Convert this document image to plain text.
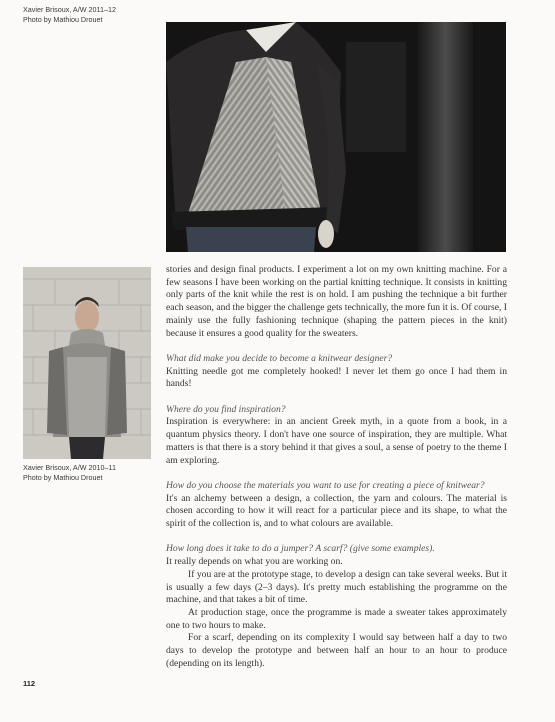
Xavier Brisoux, A/W 2011–12
Photo by Mathiou Drouet
Xavier Brisoux, A/W 2010–11
Photo by Mathiou Drouet

stories and design final products. I experiment a lot on my own knitting machine. For a few seasons I have been working on the partial knitting technique. It consists in knitting only parts of the knit while the rest is on hold. I am pushing the technique a bit further each season, and the bigger the challenge gets technically, the more fun it is. Of course, I mainly use the fully fashioning technique (shaping the pattern pieces in the knit) because it ensures a good quality for the sweaters.

What did make you decide to become a knitwear designer?

Knitting needle got me completely hooked! I never let them go once I had them in hands!

Where do you find inspiration?

Inspiration is everywhere: in an ancient Greek myth, in a quote from a book, in a quantum physics theory. I don't have one source of inspiration, they are multiple. What matters is that there is a story behind it that gives a soul, a sense of poetry to the theme I am exploring.

How do you choose the materials you want to use for creating a piece of knitwear?

It's an alchemy between a design, a collection, the yarn and colours. The material is chosen according to how it will react for a particular piece and its shape, to what the spirit of the collection is, and to what colours are available.

How long does it take to do a jumper? A scarf? (give some examples).

It really depends on what you are working on.

If you are at the prototype stage, to develop a design can take several weeks. But it is usually a few days (2–3 days). It's pretty much establishing the programme on the machine, and that takes a bit of time.

At production stage, once the programme is made a sweater takes approximately one to two hours to make.

For a scarf, depending on its complexity I would say between half a day to two days to develop the prototype and between half an hour to an hour to produce (depending on its length).

112
